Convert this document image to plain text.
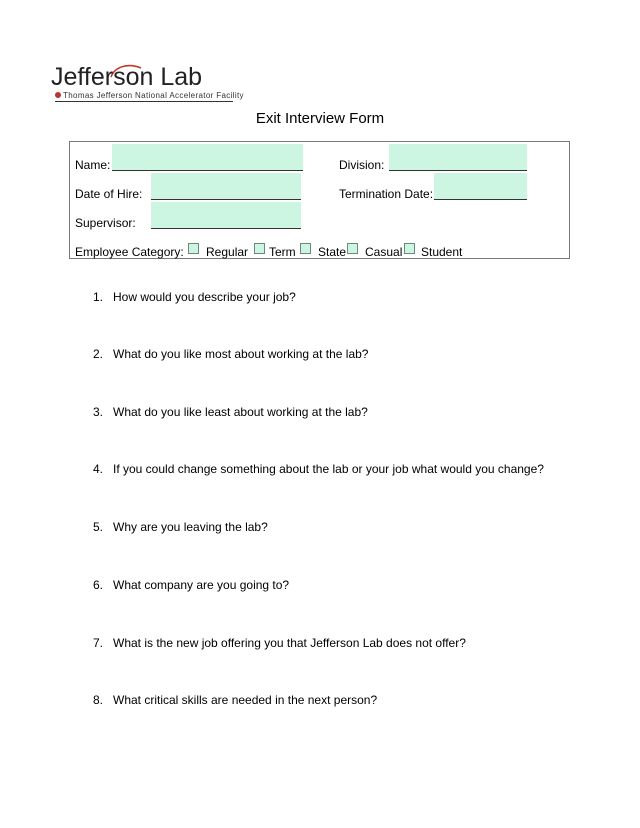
Jefferson Lab
Thomas Jefferson National Accelerator Facility
Exit Interview Form
Name:	Division:
Date of Hire:	Termination Date:
Supervisor:
Employee Category: Regular Term State Casual Student
1. How would you describe your job?
2. What do you like most about working at the lab?
3. What do you like least about working at the lab?
4. If you could change something about the lab or your job what would you change?
5. Why are you leaving the lab?
6. What company are you going to?
7. What is the new job offering you that Jefferson Lab does not offer?
8. What critical skills are needed in the next person?
